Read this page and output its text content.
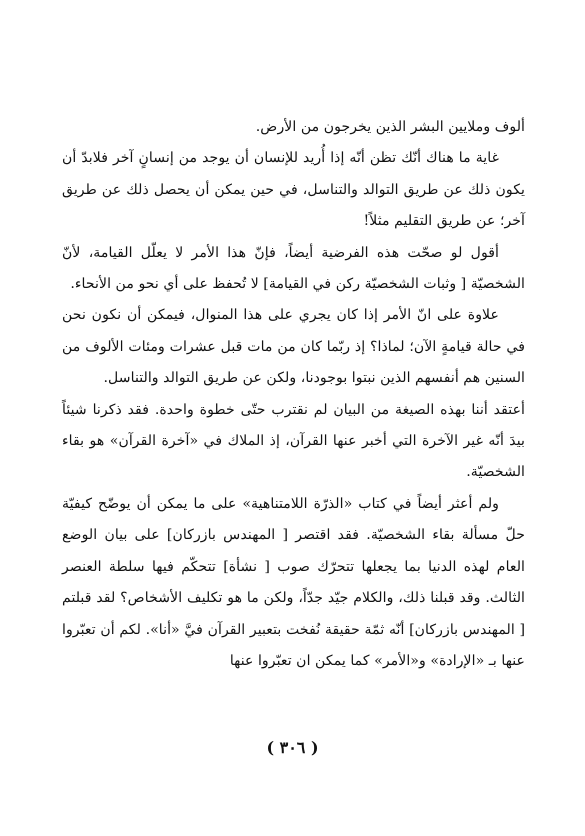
ألوف وملايين البشر الذين يخرجون من الأرض.

غاية ما هناك أنّك تظن أنّه إذا أُريد للإنسان أن يوجد من إنسانٍ آخر فلابدّ أن يكون ذلك عن طريق التوالد والتناسل، في حين يمكن أن يحصل ذلك عن طريق آخر؛ عن طريق التقليم مثلاً!

أقول لو صحّت هذه الفرضية أيضاً، فإنّ هذا الأمر لا يعلّل القيامة، لأنّ الشخصيّة [ وثبات الشخصيّة ركن في القيامة] لا تُحفظ على أي نحو من الأنحاء.

علاوة على انّ الأمر إذا كان يجري على هذا المنوال، فيمكن أن نكون نحن في حالة قيامةٍ الآن؛ لماذا؟ إذ ربّما كان من مات قبل عشرات ومئات الألوف من السنين هم أنفسهم الذين نبتوا بوجودنا، ولكن عن طريق التوالد والتناسل.

أعتقد أننا بهذه الصيغة من البيان لم نقترب حتّى خطوة واحدة. فقد ذكرنا شيئاً بيدَ أنّه غير الآخرة التي أخبر عنها القرآن، إذ الملاك في «آخرة القرآن» هو بقاء الشخصيّة.

ولم أعثر أيضاً في كتاب «الذرّة اللامتناهية» على ما يمكن أن يوضّح كيفيّة حلّ مسألة بقاء الشخصيّة. فقد اقتصر [ المهندس بازركان] على بيان الوضع العام لهذه الدنيا بما يجعلها تتحرّك صوب [ نشأة] تتحكّم فيها سلطة العنصر الثالث. وقد قبلنا ذلك، والكلام جيّد جدّاً، ولكن ما هو تكليف الأشخاص؟ لقد قبلتم [ المهندس بازركان] أنّه ثمّة حقيقة نُفخت بتعبير القرآن فيَّ «أنا». لكم أن تعبّروا عنها بـ «الإرادة» و«الأمر» كما يمكن ان تعبّروا عنها

( ٣٠٦ )
